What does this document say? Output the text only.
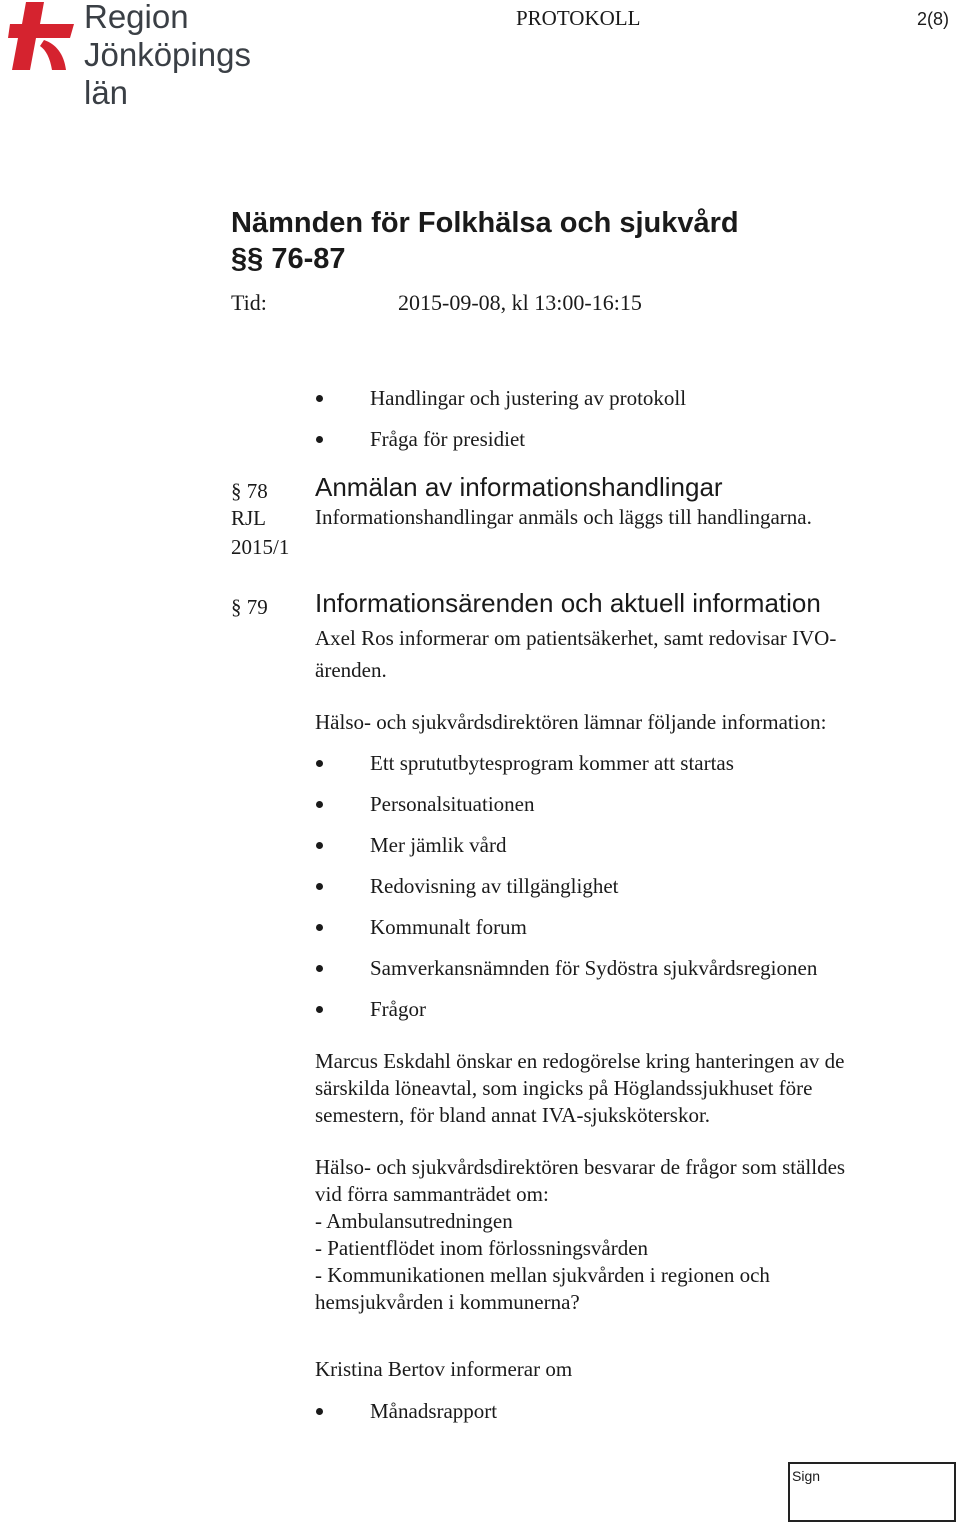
Region
Jönköpings län
PROTOKOLL	2(8)
Nämnden för Folkhälsa och sjukvård
§§ 76-87
Tid:	2015-09-08, kl 13:00-16:15
Handlingar och justering av protokoll
Fråga för presidiet
§ 78
RJL
2015/1
Anmälan av informationshandlingar
Informationshandlingar anmäls och läggs till handlingarna.
§ 79 Informationsärenden och aktuell information
Axel Ros informerar om patientsäkerhet, samt redovisar IVO-
ärenden.
Hälso- och sjukvårdsdirektören lämnar följande information:
Ett sprututbytesprogram kommer att startas
Personalsituationen
Mer jämlik vård
Redovisning av tillgänglighet
Kommunalt forum
Samverkansnämnden för Sydöstra sjukvårdsregionen
Frågor
Marcus Eskdahl önskar en redogörelse kring hanteringen av de
särskilda löneavtal, som ingicks på Höglandssjukhuset före
semestern, för bland annat IVA-sjuksköterskor.
Hälso- och sjukvårdsdirektören besvarar de frågor som ställdes
vid förra sammanträdet om:
- Ambulansutredningen
- Patientflödet inom förlossningsvården
- Kommunikationen mellan sjukvården i regionen och
hemsjukvården i kommunerna?
Kristina Bertov informerar om
Månadsrapport
Sign
